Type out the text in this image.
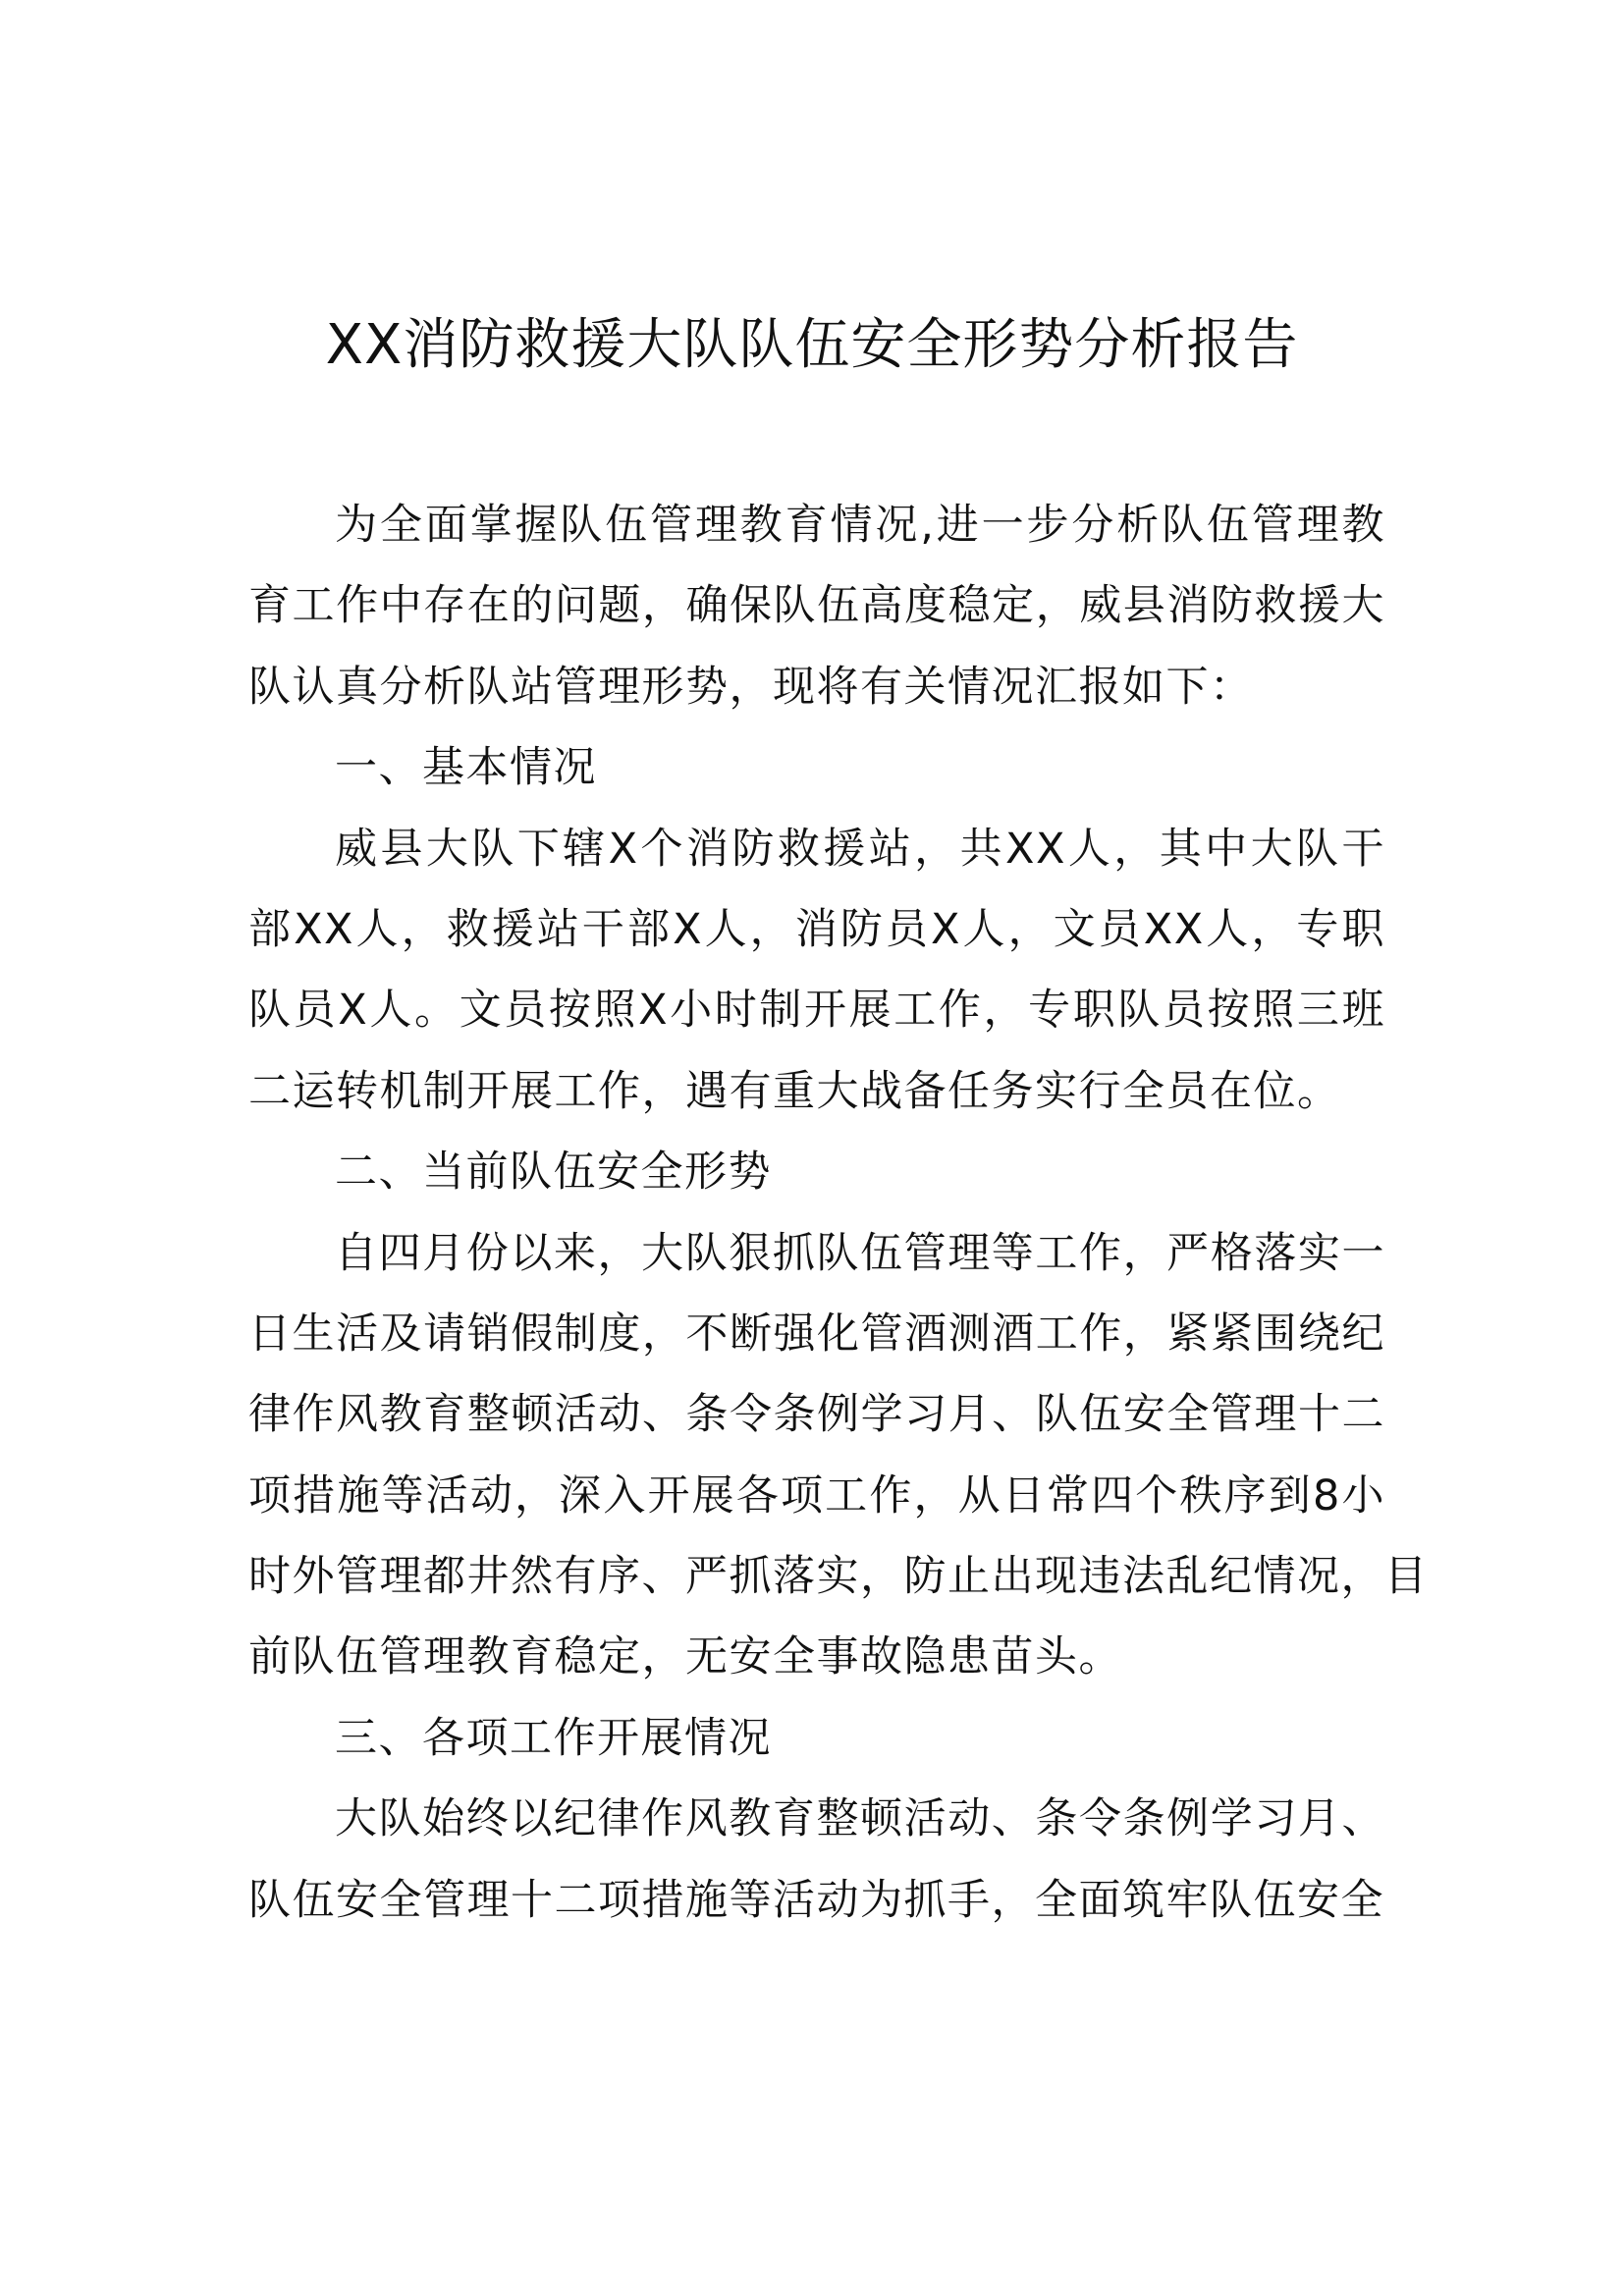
XX消防救援大队队伍安全形势分析报告
为全面掌握队伍管理教育情况,进一步分析队伍管理教
育工作中存在的问题，确保队伍高度稳定，威县消防救援大
队认真分析队站管理形势，现将有关情况汇报如下：
一、基本情况
威县大队下辖X个消防救援站，共XX人，其中大队干
部XX人，救援站干部X人，消防员X人，文员XX人，专职
队员X人。文员按照X小时制开展工作，专职队员按照三班
二运转机制开展工作，遇有重大战备任务实行全员在位。
二、当前队伍安全形势
自四月份以来，大队狠抓队伍管理等工作，严格落实一
日生活及请销假制度，不断强化管酒测酒工作，紧紧围绕纪
律作风教育整顿活动、条令条例学习月、队伍安全管理十二
项措施等活动，深入开展各项工作，从日常四个秩序到8小
时外管理都井然有序、严抓落实，防止出现违法乱纪情况，目
前队伍管理教育稳定，无安全事故隐患苗头。
三、各项工作开展情况
大队始终以纪律作风教育整顿活动、条令条例学习月、
队伍安全管理十二项措施等活动为抓手，全面筑牢队伍安全
